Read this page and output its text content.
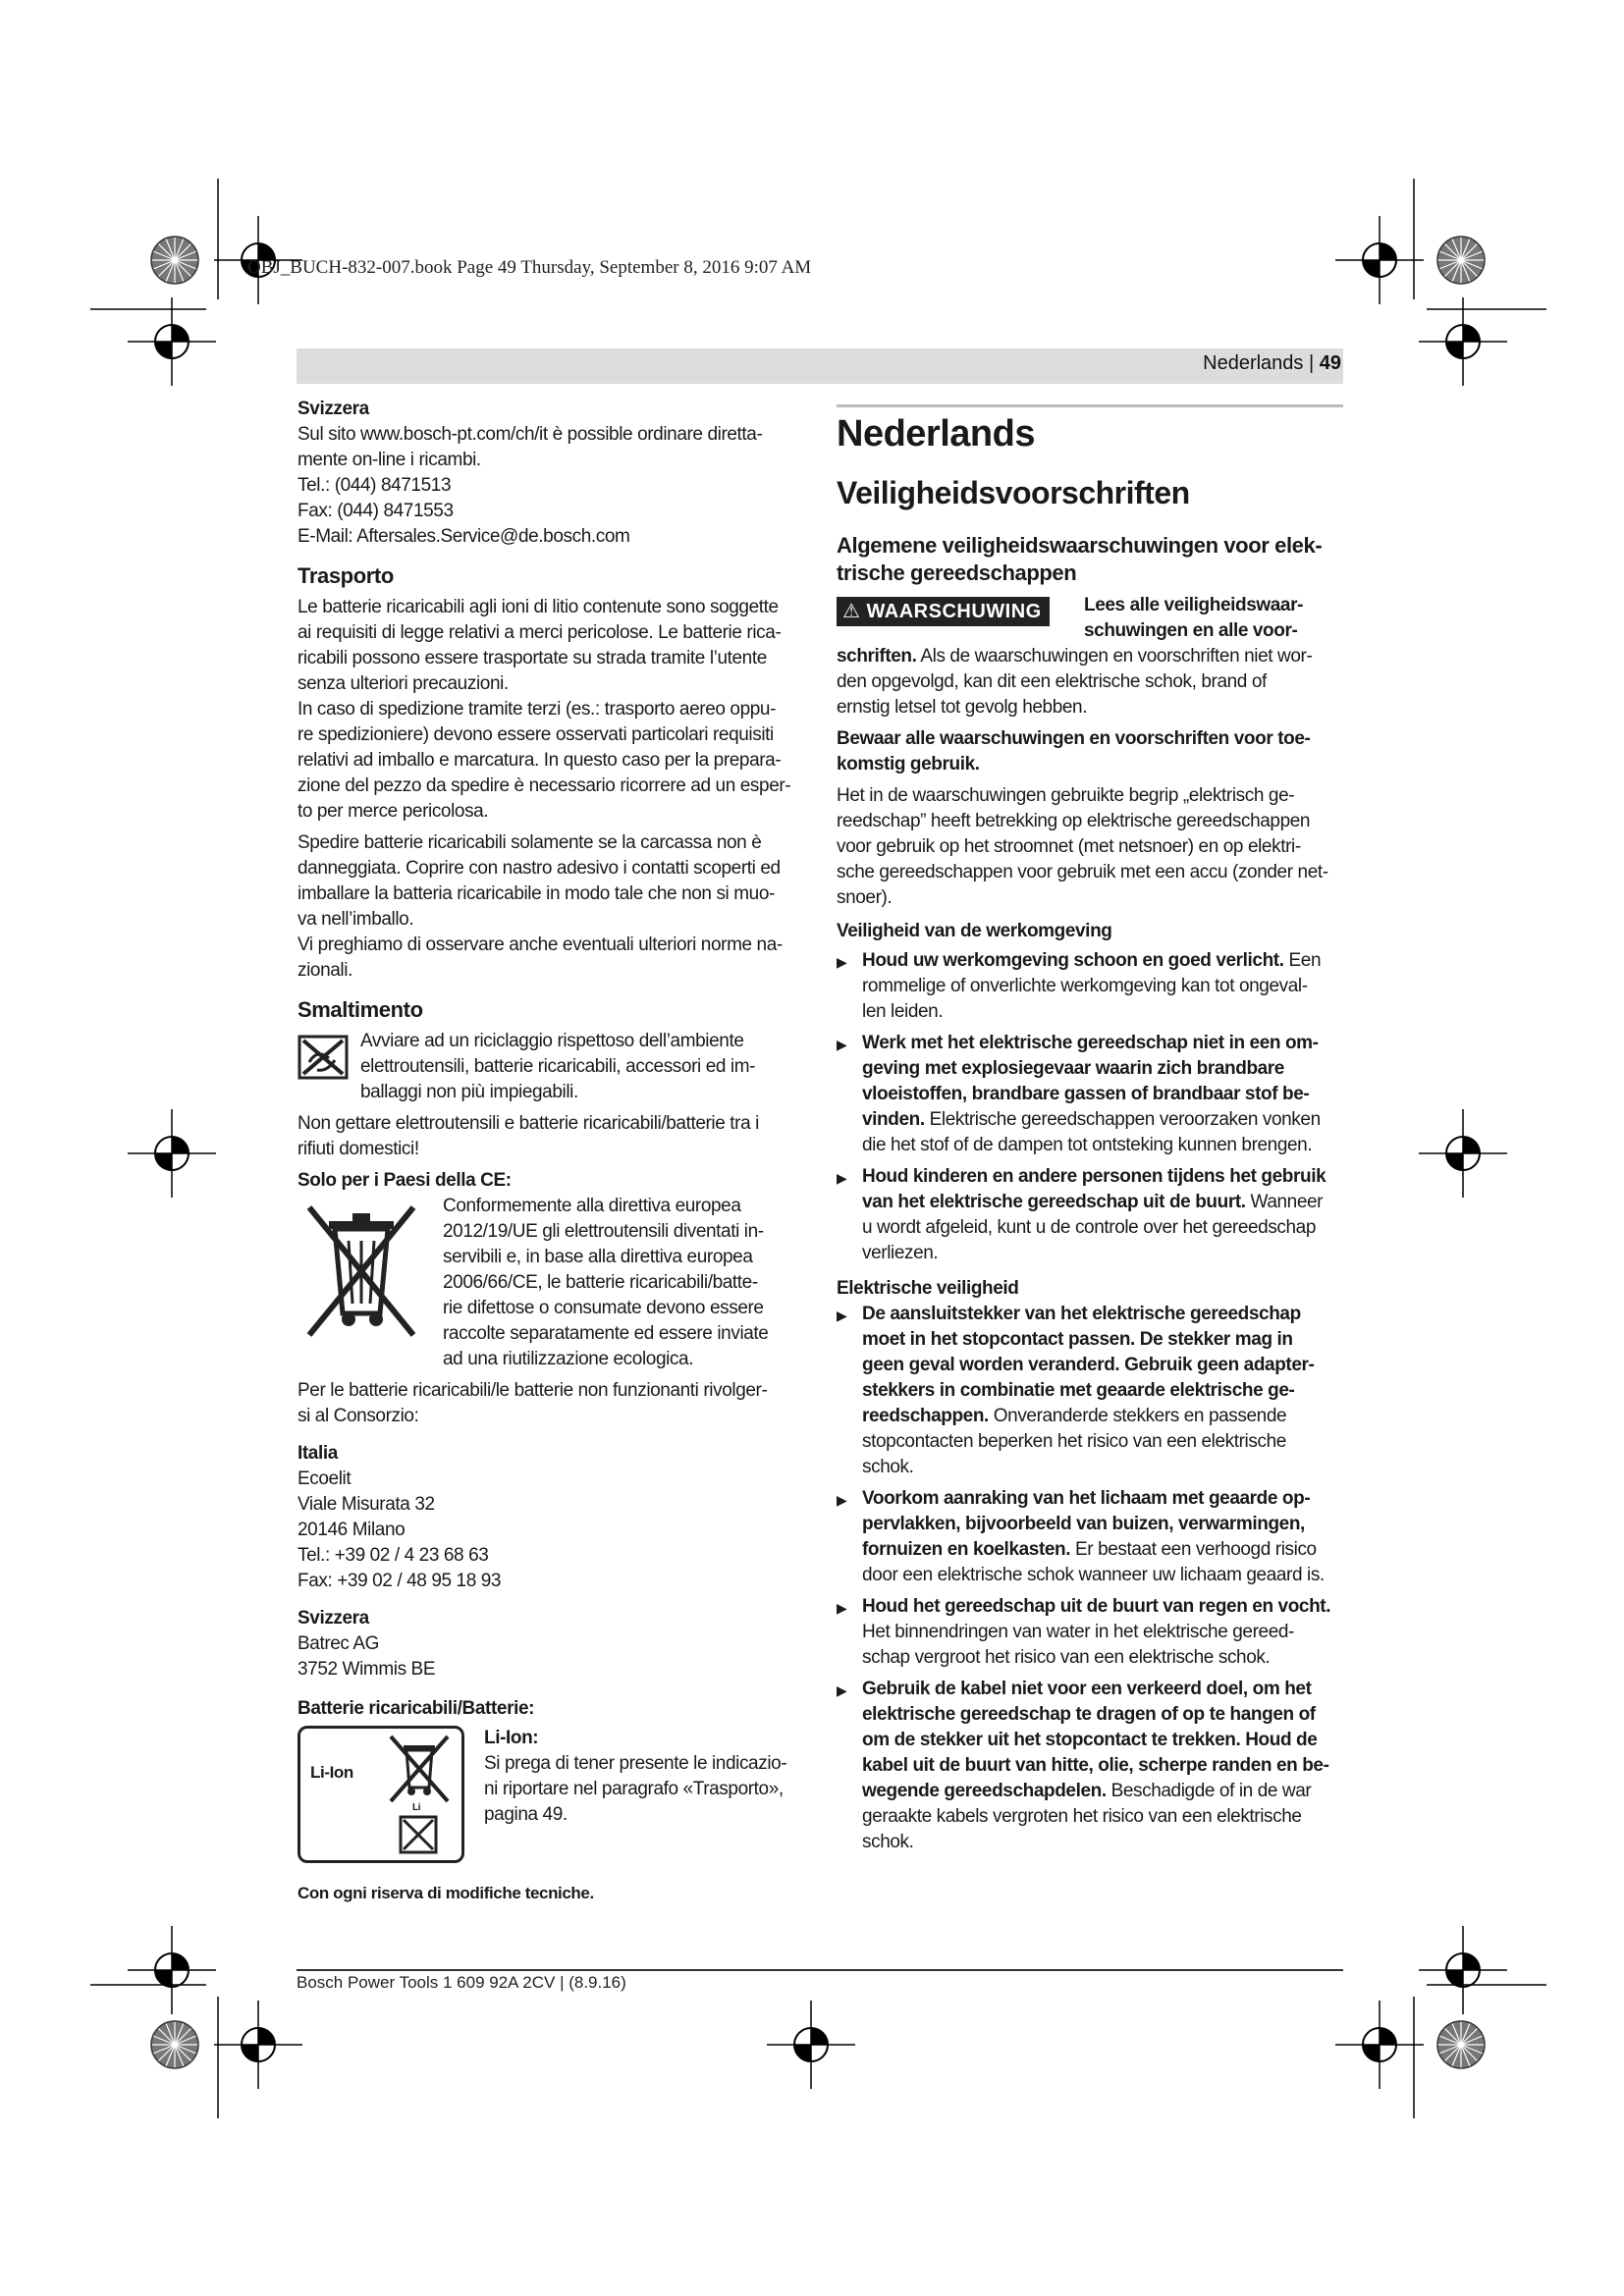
OBJ_BUCH-832-007.book Page 49 Thursday, September 8, 2016 9:07 AM
Nederlands | 49

Svizzera

Sul sito www.bosch-pt.com/ch/it è possible ordinare diretta-

mente on-line i ricambi.

Tel.: (044) 8471513

Fax: (044) 8471553

E-Mail: Aftersales.Service@de.bosch.com

Trasporto

Le batterie ricaricabili agli ioni di litio contenute sono soggette

ai requisiti di legge relativi a merci pericolose. Le batterie rica-

ricabili possono essere trasportate su strada tramite l’utente

senza ulteriori precauzioni.

In caso di spedizione tramite terzi (es.: trasporto aereo oppu-

re spedizioniere) devono essere osservati particolari requisiti

relativi ad imballo e marcatura. In questo caso per la prepara-

zione del pezzo da spedire è necessario ricorrere ad un esper-

to per merce pericolosa.

Spedire batterie ricaricabili solamente se la carcassa non è

danneggiata. Coprire con nastro adesivo i contatti scoperti ed

imballare la batteria ricaricabile in modo tale che non si muo-

va nell’imballo.

Vi preghiamo di osservare anche eventuali ulteriori norme na-

zionali.

Smaltimento

Avviare ad un riciclaggio rispettoso dell’ambiente

elettroutensili, batterie ricaricabili, accessori ed im-

ballaggi non più impiegabili.

Non gettare elettroutensili e batterie ricaricabili/batterie tra i

rifiuti domestici!

Solo per i Paesi della CE:

Conformemente alla direttiva europea

2012/19/UE gli elettroutensili diventati in-

servibili e, in base alla direttiva europea

2006/66/CE, le batterie ricaricabili/batte-

rie difettose o consumate devono essere

raccolte separatamente ed essere inviate

ad una riutilizzazione ecologica.

Per le batterie ricaricabili/le batterie non funzionanti rivolger-

si al Consorzio:

Italia

Ecoelit

Viale Misurata 32

20146 Milano

Tel.: +39 02 / 4 23 68 63

Fax: +39 02 / 48 95 18 93

Svizzera

Batrec AG

3752 Wimmis BE

Batterie ricaricabili/Batterie:

Li-Ion
Li

Li-Ion:

Si prega di tener presente le indicazio-

ni riportare nel paragrafo «Trasporto»,

pagina 49.

Con ogni riserva di modifiche tecniche.

Nederlands

Veiligheidsvoorschriften

Algemene veiligheidswaarschuwingen voor elek-
trische gereedschappen

⚠ WAARSCHUWING	Lees alle veiligheidswaar-

schuwingen en alle voor-

schriften. Als de waarschuwingen en voorschriften niet wor-

den opgevolgd, kan dit een elektrische schok, brand of

ernstig letsel tot gevolg hebben.

Bewaar alle waarschuwingen en voorschriften voor toe-

komstig gebruik.

Het in de waarschuwingen gebruikte begrip „elektrisch ge-

reedschap” heeft betrekking op elektrische gereedschappen

voor gebruik op het stroomnet (met netsnoer) en op elektri-

sche gereedschappen voor gebruik met een accu (zonder net-

snoer).

Veiligheid van de werkomgeving

▶ Houd uw werkomgeving schoon en goed verlicht. Een

rommelige of onverlichte werkomgeving kan tot ongeval-

len leiden.

▶ Werk met het elektrische gereedschap niet in een om-

geving met explosiegevaar waarin zich brandbare

vloeistoffen, brandbare gassen of brandbaar stof be-

vinden. Elektrische gereedschappen veroorzaken vonken

die het stof of de dampen tot ontsteking kunnen brengen.

▶ Houd kinderen en andere personen tijdens het gebruik

van het elektrische gereedschap uit de buurt. Wanneer

u wordt afgeleid, kunt u de controle over het gereedschap

verliezen.

Elektrische veiligheid

▶ De aansluitstekker van het elektrische gereedschap

moet in het stopcontact passen. De stekker mag in

geen geval worden veranderd. Gebruik geen adapter-

stekkers in combinatie met geaarde elektrische ge-

reedschappen. Onveranderde stekkers en passende

stopcontacten beperken het risico van een elektrische

schok.

▶ Voorkom aanraking van het lichaam met geaarde op-

pervlakken, bijvoorbeeld van buizen, verwarmingen,

fornuizen en koelkasten. Er bestaat een verhoogd risico

door een elektrische schok wanneer uw lichaam geaard is.

▶ Houd het gereedschap uit de buurt van regen en vocht.

Het binnendringen van water in het elektrische gereed-

schap vergroot het risico van een elektrische schok.

▶ Gebruik de kabel niet voor een verkeerd doel, om het

elektrische gereedschap te dragen of op te hangen of

om de stekker uit het stopcontact te trekken. Houd de

kabel uit de buurt van hitte, olie, scherpe randen en be-

wegende gereedschapdelen. Beschadigde of in de war

geraakte kabels vergroten het risico van een elektrische

schok.

Bosch Power Tools 1 609 92A 2CV | (8.9.16)
